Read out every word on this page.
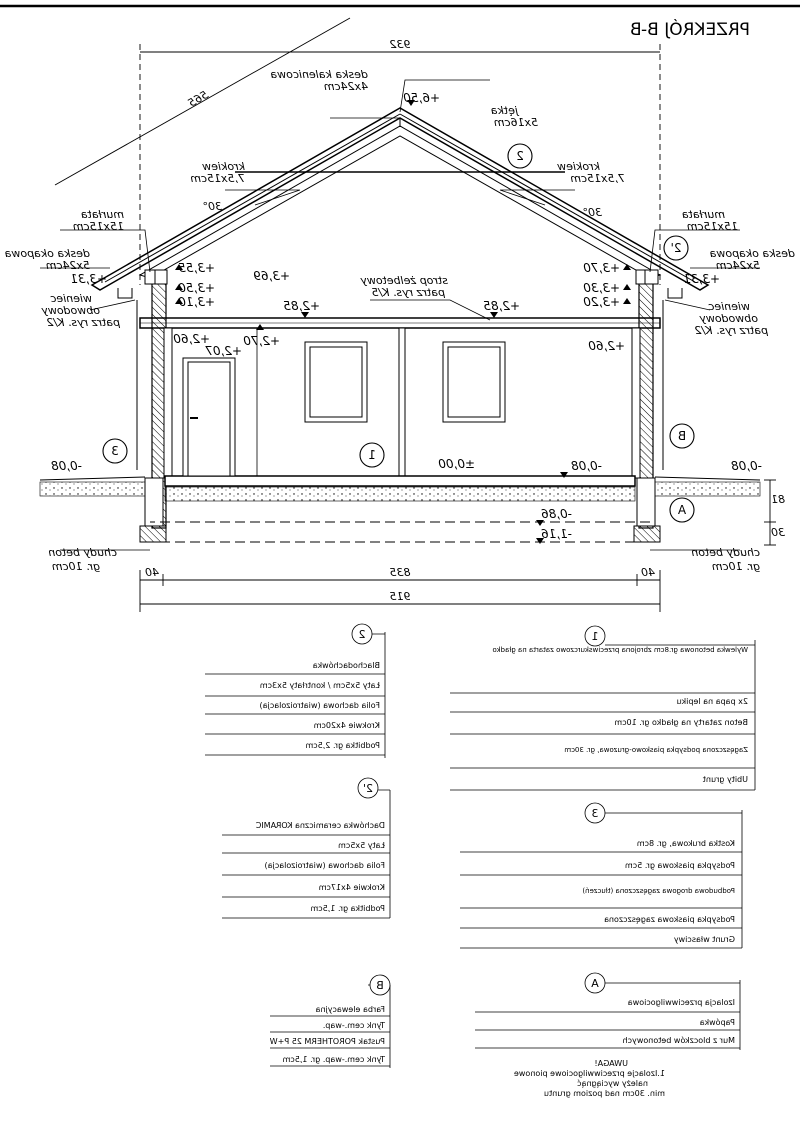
PRZEKRÓJ B-B
2
2'
1
B
3
A
932
835
915
40
40
81
30
565	+6,50
+3,70
+3,30
+3,20
+3,31
+3,55
+3,50
+3,10
+3,31	+3,69
+2,85
+2,85
+2,60
+2,60	+2,70
+2,07
±0,00	-0,08	-0,08
-0,08
-0,86
-1,16
deska kalenicowa
4x24cm
jętka
5x16cm
krokiew
7,5x15cm
krokiew
7,5x15cm
murłata
15x15cm
murłata
15x15cm
deska okapowa
5x24cm
deska okapowa
5x24cm
wieniec
obwodowy
patrz rys. K/2
wieniec
obwodowy
patrz rys. K/2
strop żelbetowy
patrz rys. K/5
30°
30°
chudy beton
gr. 10cm
chudy beton
gr. 10cm
1
Wylewka betonowa gr.8cm zbrojona przeciwskurczowo zatarta na gładko
2x papa na lepiku
Beton zatarty na gładko gr. 10cm
Zagęszczona podsypka piaskowo-gruzowa, gr. 30cm
Ubity grunt
2
Blachodachówka
Łaty 5x5cm / kontrłaty 5x3cm
Folia dachowa (wiatroizolacja)
Krokwie 4x20cm
Podbitka gr. 2,5cm
2'
Dachówka ceramiczna KORAMIC
Łaty 5x5cm
Folia dachowa (wiatroizolacja)
Krokwie 4x17cm
Podbitka gr. 1,5cm
3
Kostka brukowa, gr. 8cm
Podsypka piaskowa gr. 5cm
Podbudowa drogowa zagęszczona (tłuczeń)
Podsypka piaskowa zagęszczona
Grunt własciwy
A
Izolacja przeciwwilgociowa
Papówka
Mur z bloczków betonowych
B
Farba elewacyjna
Tynk cem.-wap.
Pustak POROTHERM 25 P+W
Tynk cem.-wap. gr. 1,5cm	UWAGA!
1.Izolacje przeciwwilgociowe pionowe
należy wyciągnąć
min. 30cm nad poziom gruntu
